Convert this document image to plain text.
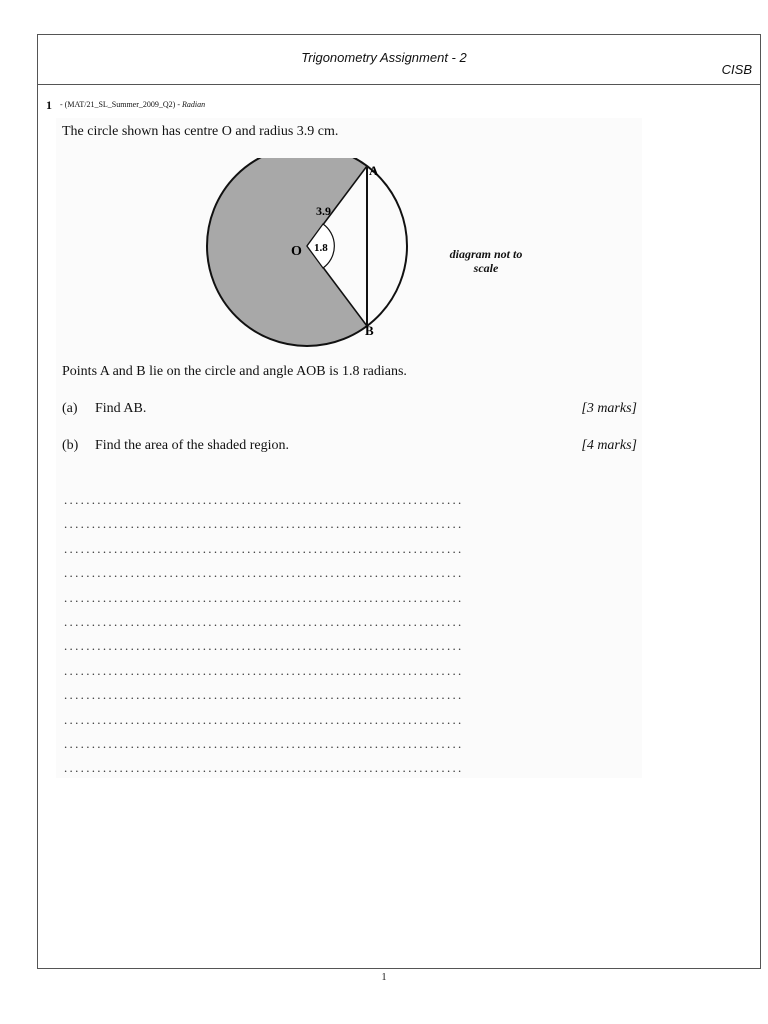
Trigonometry Assignment - 2
CISB
1 - (MAT/21_SL_Summer_2009_Q2) - Radian
The circle shown has centre O and radius 3.9 cm.
A
B
O
3.9
1.8	diagram not to scale
Points A and B lie on the circle and angle AOB is 1.8 radians.
(a) Find AB.	[3 marks]
(b) Find the area of the shaded region.	[4 marks]
........................................................................
........................................................................
........................................................................
........................................................................
........................................................................
........................................................................
........................................................................
........................................................................
........................................................................
........................................................................
........................................................................
........................................................................
1
